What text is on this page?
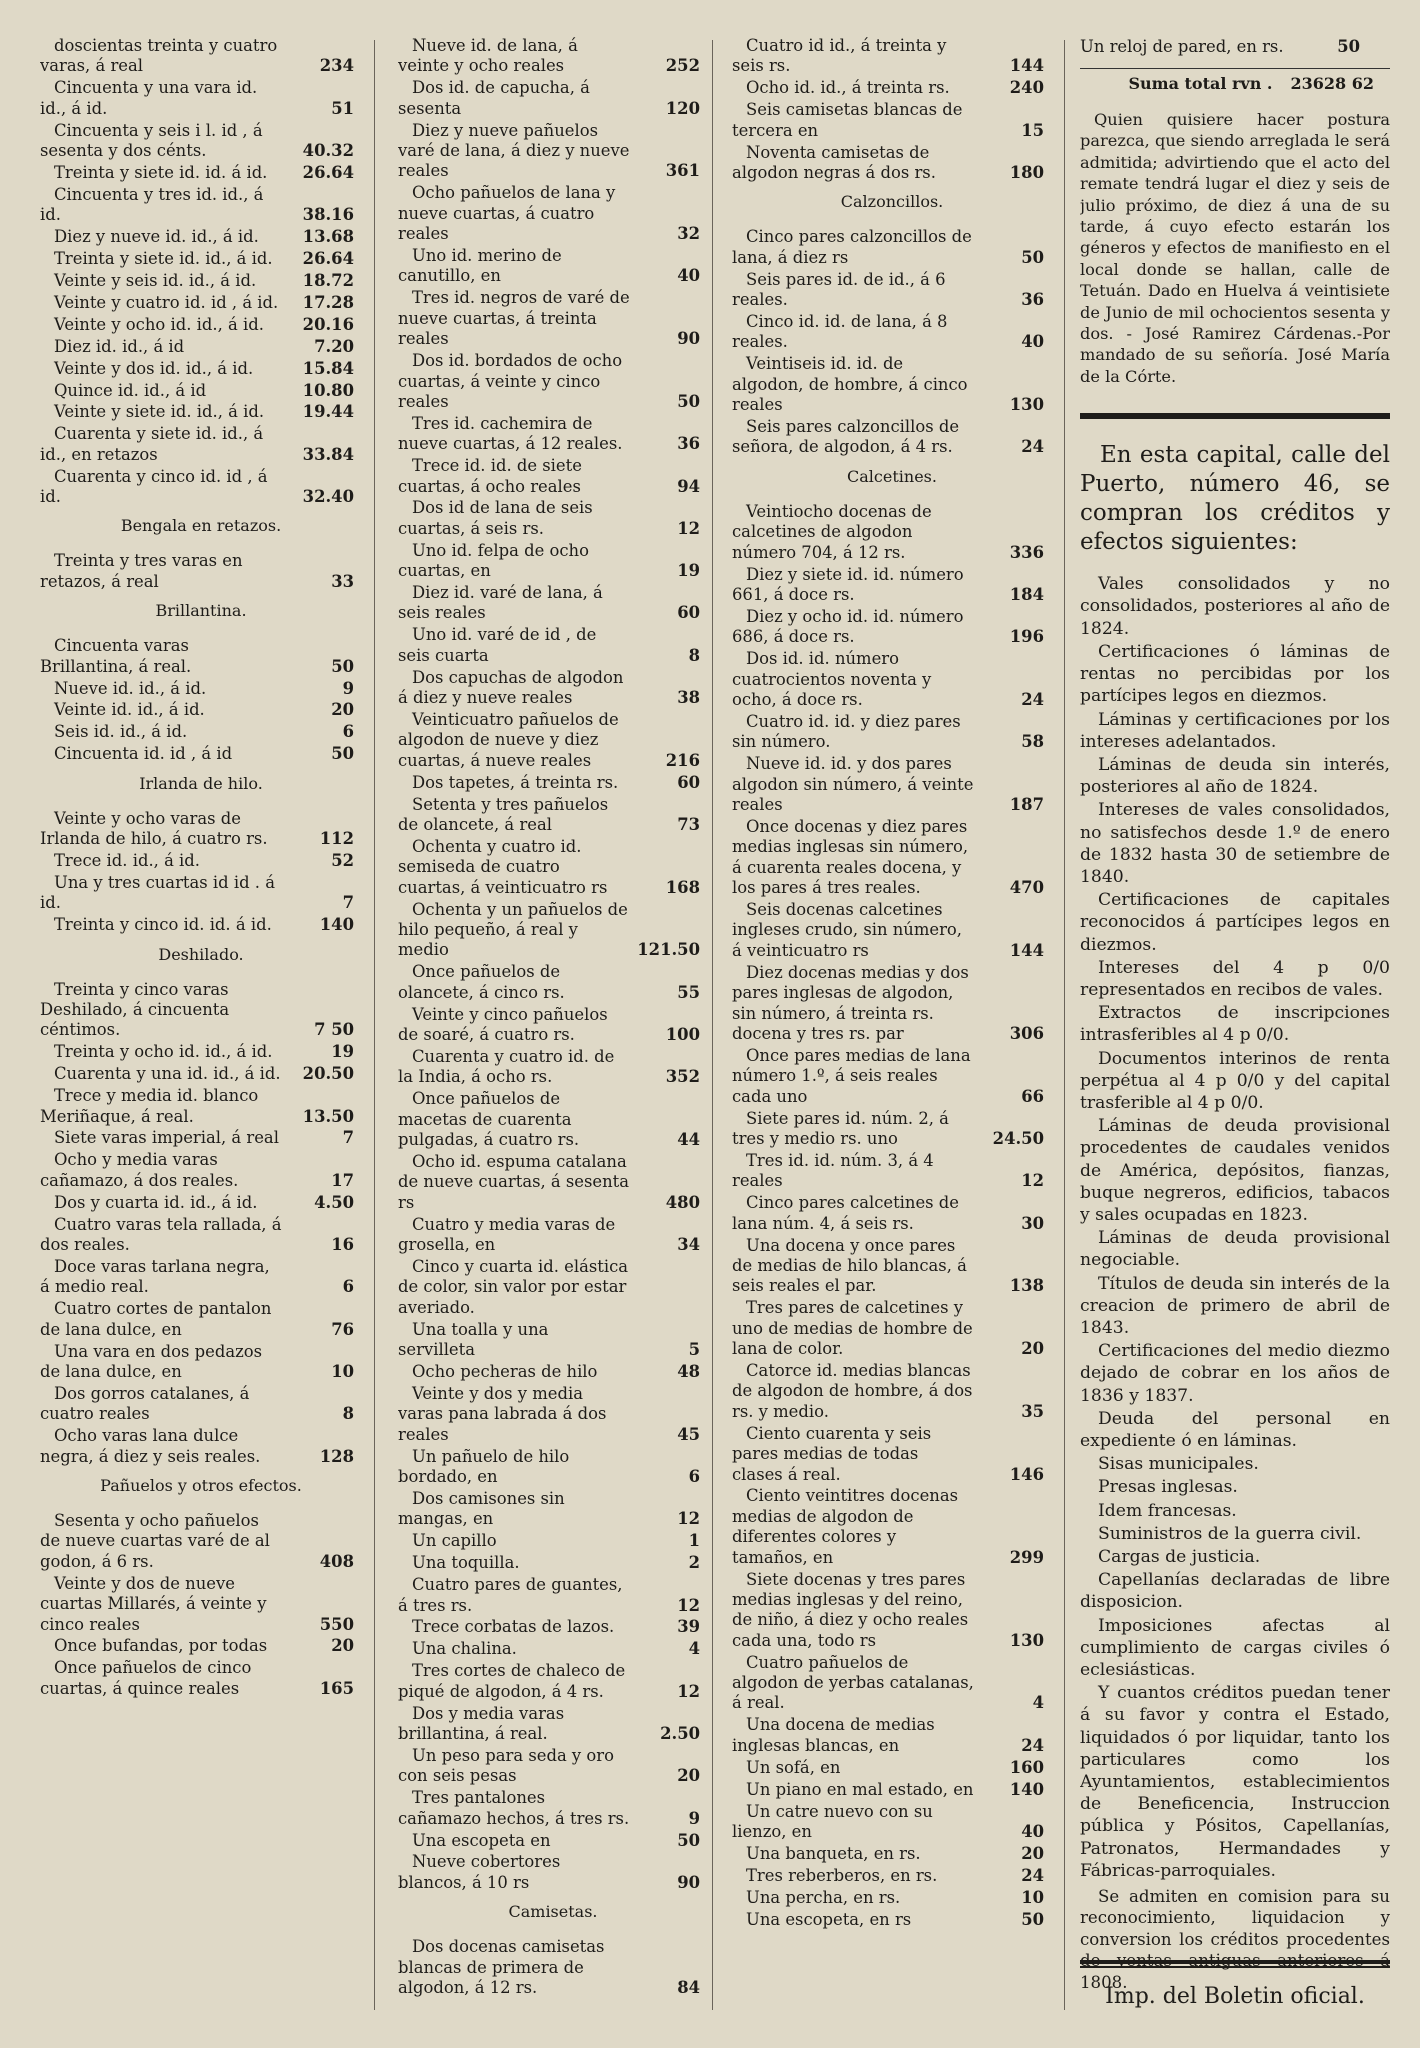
doscientas treinta y cuatro varas, á real	234
Cincuenta y una vara id. id., á id.	51
Cincuenta y seis i l. id , á sesenta y dos cénts.	40.32
Treinta y siete id. id. á id.	26.64
Cincuenta y tres id. id., á id.	38.16
Diez y nueve id. id., á id.	13.68
Treinta y siete id. id., á id.	26.64
Veinte y seis id. id., á id.	18.72
Veinte y cuatro id. id , á id.	17.28
Veinte y ocho id. id., á id.	20.16
Diez id. id., á id	7.20
Veinte y dos id. id., á id.	15.84
Quince id. id., á id	10.80
Veinte y siete id. id., á id.	19.44
Cuarenta y siete id. id., á id., en retazos	33.84
Cuarenta y cinco id. id , á id.	32.40
Bengala en retazos.
Treinta y tres varas en retazos, á real	33
Brillantina.
Cincuenta varas Brillantina, á real.	50
Nueve id. id., á id.	9
Veinte id. id., á id.	20
Seis id. id., á id.	6
Cincuenta id. id , á id	50
Irlanda de hilo.
Veinte y ocho varas de Irlanda de hilo, á cuatro rs.	112
Trece id. id., á id.	52
Una y tres cuartas id id . á id.	7
Treinta y cinco id. id. á id.	140
Deshilado.
Treinta y cinco varas Deshilado, á cincuenta céntimos.	7 50
Treinta y ocho id. id., á id.	19
Cuarenta y una id. id., á id.	20.50
Trece y media id. blanco Meriñaque, á real.	13.50
Siete varas imperial, á real	7
Ocho y media varas cañamazo, á dos reales.	17
Dos y cuarta id. id., á id.	4.50
Cuatro varas tela rallada, á dos reales.	16
Doce varas tarlana negra, á medio real.	6
Cuatro cortes de pantalon de lana dulce, en	76
Una vara en dos pedazos de lana dulce, en	10
Dos gorros catalanes, á cuatro reales	8
Ocho varas lana dulce negra, á diez y seis reales.	128
Pañuelos y otros efectos.
Sesenta y ocho pañuelos de nueve cuartas varé de al godon, á 6 rs.	408
Veinte y dos de nueve cuartas Millarés, á veinte y cinco reales	550
Once bufandas, por todas	20
Once pañuelos de cinco cuartas, á quince reales	165
Nueve id. de lana, á veinte y ocho reales	252
Dos id. de capucha, á sesenta	120
Diez y nueve pañuelos varé de lana, á diez y nueve reales	361
Ocho pañuelos de lana y nueve cuartas, á cuatro reales	32
Uno id. merino de canutillo, en	40
Tres id. negros de varé de nueve cuartas, á treinta reales	90
Dos id. bordados de ocho cuartas, á veinte y cinco reales	50
Tres id. cachemira de nueve cuartas, á 12 reales.	36
Trece id. id. de siete cuartas, á ocho reales	94
Dos id de lana de seis cuartas, á seis rs.	12
Uno id. felpa de ocho cuartas, en	19
Diez id. varé de lana, á seis reales	60
Uno id. varé de id , de seis cuarta	8
Dos capuchas de algodon á diez y nueve reales	38
Veinticuatro pañuelos de algodon de nueve y diez cuartas, á nueve reales	216
Dos tapetes, á treinta rs.	60
Setenta y tres pañuelos de olancete, á real	73
Ochenta y cuatro id. semiseda de cuatro cuartas, á veinticuatro rs	168
Ochenta y un pañuelos de hilo pequeño, á real y medio	121.50
Once pañuelos de olancete, á cinco rs.	55
Veinte y cinco pañuelos de soaré, á cuatro rs.	100
Cuarenta y cuatro id. de la India, á ocho rs.	352
Once pañuelos de macetas de cuarenta pulgadas, á cuatro rs.	44
Ocho id. espuma catalana de nueve cuartas, á sesenta rs	480
Cuatro y media varas de grosella, en	34
Cinco y cuarta id. elástica de color, sin valor por estar averiado.
Una toalla y una servilleta	5
Ocho pecheras de hilo	48
Veinte y dos y media varas pana labrada á dos reales	45
Un pañuelo de hilo bordado, en	6
Dos camisones sin mangas, en	12
Un capillo	1
Una toquilla.	2
Cuatro pares de guantes, á tres rs.	12
Trece corbatas de lazos.	39
Una chalina.	4
Tres cortes de chaleco de piqué de algodon, á 4 rs.	12
Dos y media varas brillantina, á real.	2.50
Un peso para seda y oro con seis pesas	20
Tres pantalones cañamazo hechos, á tres rs.	9
Una escopeta en	50
Nueve cobertores blancos, á 10 rs	90
Camisetas.
Dos docenas camisetas blancas de primera de algodon, á 12 rs.	84
Cuatro id id., á treinta y seis rs.	144
Ocho id. id., á treinta rs.	240
Seis camisetas blancas de tercera en	15
Noventa camisetas de algodon negras á dos rs.	180
Calzoncillos.
Cinco pares calzoncillos de lana, á diez rs	50
Seis pares id. de id., á 6 reales.	36
Cinco id. id. de lana, á 8 reales.	40
Veintiseis id. id. de algodon, de hombre, á cinco reales	130
Seis pares calzoncillos de señora, de algodon, á 4 rs.	24
Calcetines.
Veintiocho docenas de calcetines de algodon número 704, á 12 rs.	336
Diez y siete id. id. número 661, á doce rs.	184
Diez y ocho id. id. número 686, á doce rs.	196
Dos id. id. número cuatrocientos noventa y ocho, á doce rs.	24
Cuatro id. id. y diez pares sin número.	58
Nueve id. id. y dos pares algodon sin número, á veinte reales	187
Once docenas y diez pares medias inglesas sin número, á cuarenta reales docena, y los pares á tres reales.	470
Seis docenas calcetines ingleses crudo, sin número, á veinticuatro rs	144
Diez docenas medias y dos pares inglesas de algodon, sin número, á treinta rs. docena y tres rs. par	306
Once pares medias de lana número 1.º, á seis reales cada uno	66
Siete pares id. núm. 2, á tres y medio rs. uno	24.50
Tres id. id. núm. 3, á 4 reales	12
Cinco pares calcetines de lana núm. 4, á seis rs.	30
Una docena y once pares de medias de hilo blancas, á seis reales el par.	138
Tres pares de calcetines y uno de medias de hombre de lana de color.	20
Catorce id. medias blancas de algodon de hombre, á dos rs. y medio.	35
Ciento cuarenta y seis pares medias de todas clases á real.	146
Ciento veintitres docenas medias de algodon de diferentes colores y tamaños, en	299
Siete docenas y tres pares medias inglesas y del reino, de niño, á diez y ocho reales cada una, todo rs	130
Cuatro pañuelos de algodon de yerbas catalanas, á real.	4
Una docena de medias inglesas blancas, en	24
Un sofá, en	160
Un piano en mal estado, en	140
Un catre nuevo con su lienzo, en	40
Una banqueta, en rs.	20
Tres reberberos, en rs.	24
Una percha, en rs.	10
Una escopeta, en rs	50
Un reloj de pared, en rs.	50
Suma total rvn . 23628 62

Quien quisiere hacer postura parezca, que siendo arreglada le será admitida; advirtiendo que el acto del remate tendrá lugar el diez y seis de julio próximo, de diez á una de su tarde, á cuyo efecto estarán los géneros y efectos de manifiesto en el local donde se hallan, calle de Tetuán. Dado en Huelva á veintisiete de Junio de mil ochocientos sesenta y dos. - José Ramirez Cárdenas.-Por mandado de su señoría. José María de la Córte.

En esta capital, calle del Puerto, número 46, se compran los créditos y efectos siguientes:

Vales consolidados y no consolidados, posteriores al año de 1824.
Certificaciones ó láminas de rentas no percibidas por los partícipes legos en diezmos.
Láminas y certificaciones por los intereses adelantados.
Láminas de deuda sin interés, posteriores al año de 1824.
Intereses de vales consolidados, no satisfechos desde 1.º de enero de 1832 hasta 30 de setiembre de 1840.
Certificaciones de capitales reconocidos á partícipes legos en diezmos.
Intereses del 4 p 0/0 representados en recibos de vales.
Extractos de inscripciones intrasferibles al 4 p 0/0.
Documentos interinos de renta perpétua al 4 p 0/0 y del capital trasferible al 4 p 0/0.
Láminas de deuda provisional procedentes de caudales venidos de América, depósitos, fianzas, buque negreros, edificios, tabacos y sales ocupadas en 1823.
Láminas de deuda provisional negociable.
Títulos de deuda sin interés de la creacion de primero de abril de 1843.
Certificaciones del medio diezmo dejado de cobrar en los años de 1836 y 1837.
Deuda del personal en expediente ó en láminas.
Sisas municipales.
Presas inglesas.
Idem francesas.
Suministros de la guerra civil.
Cargas de justicia.
Capellanías declaradas de libre disposicion.
Imposiciones afectas al cumplimiento de cargas civiles ó eclesiásticas.
Y cuantos créditos puedan tener á su favor y contra el Estado, liquidados ó por liquidar, tanto los particulares como los Ayuntamientos, establecimientos de Beneficencia, Instruccion pública y Pósitos, Capellanías, Patronatos, Hermandades y Fábricas-parroquiales.

Se admiten en comision para su reconocimiento, liquidacion y conversion los créditos procedentes 1808.

Imp. del Boletin oficial.
